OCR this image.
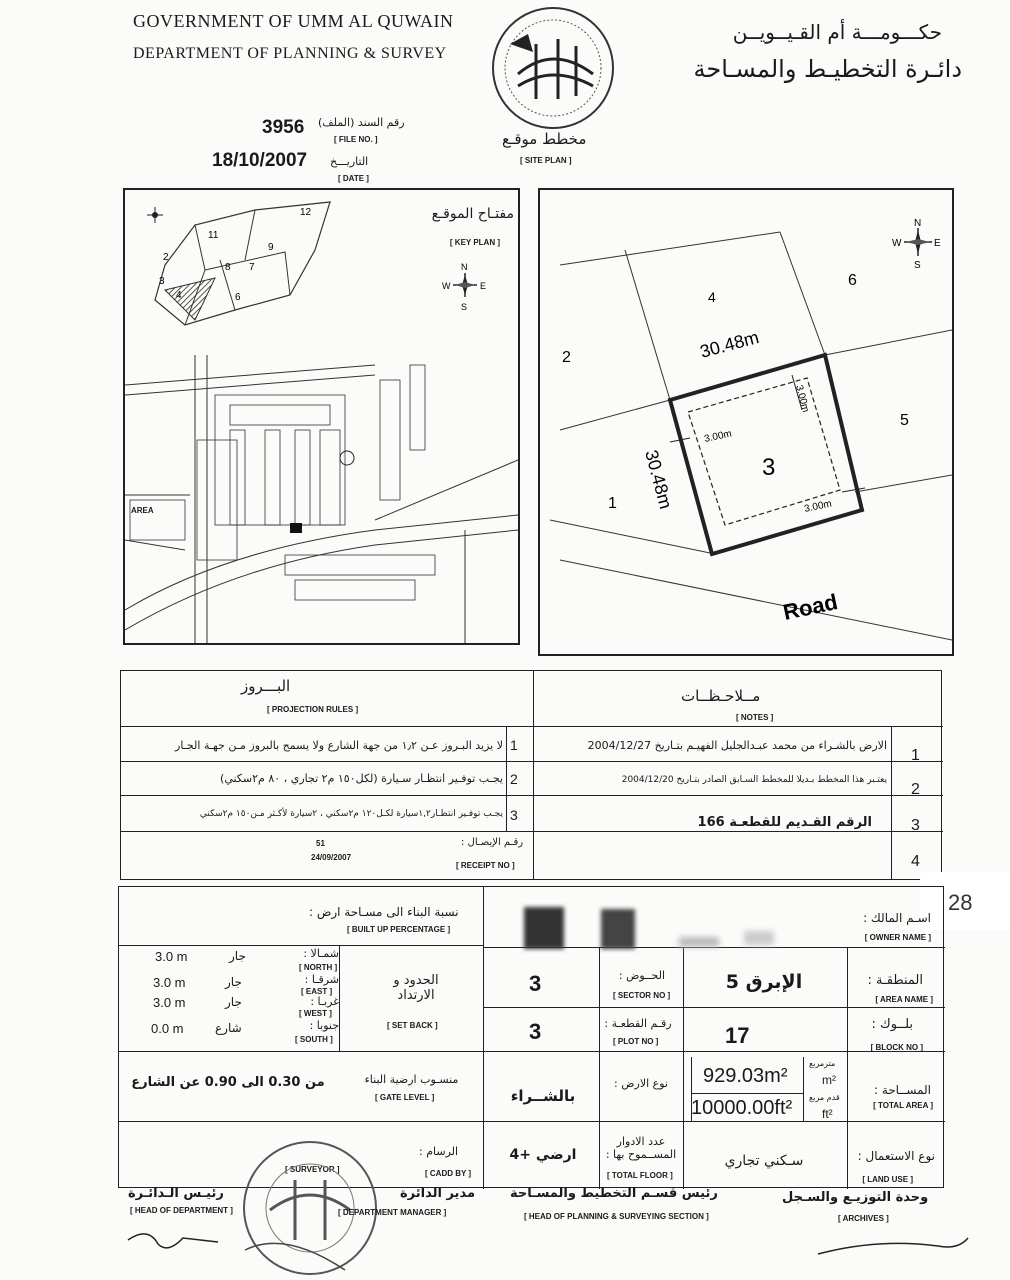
GOVERNMENT OF UMM AL QUWAIN
DEPARTMENT OF PLANNING & SURVEY
حكـــومـــة أم القـيــويــن
دائـرة التخطيـط والمسـاحة
رقم السند (الملف)
[ FILE NO. ]
3956
التاريـــخ
[ DATE ]
18/10/2007
مخطط موقـع
[ SITE PLAN ]
مفتـاح الموقـع
[ KEY PLAN ]
12
11
9
8 7
2
3
4	6
N
S
E
W
AREA
N
S
E
W
4
6
2
5
1
3
30.48m
30.48m
3.00m
3.00m
3.00m
Road
البـــروز
[ PROJECTION RULES ]
مــلاحـظــات
[ NOTES ]
لا يزيد البـروز عـن ١٫٢ من جهة الشارع ولا يسمح بالبروز مـن جهـة الجـار 1
يجـب توفـير انتظـار سـيارة (لكل١٥٠ م٢ تجاري ، ٨٠ م٢سكني) 2
يجـب توفـير انتظـار١,٢سيارة لكـل١٢٠ م٢سكني ، ٢سيارة لأكـثر مـن١٥٠ م٢سكني 3
رقـم الإيصـال :
[ RECEIPT NO ]
51
24/09/2007
الارض بالشـراء من محمد عبـدالجليل الفهيـم بتـاريخ 2004/12/27
1
يعتـبر هذا المخطط بـديلا للمخطط السـابق الصادر بتـاريخ 2004/12/20
2
الرقم القـديم للقطعـة 166 3
4
28
اسـم المالك :
[ OWNER NAME ]
نسبة البناء الى مسـاحة ارض :
[ BUILT UP PERCENTAGE ]
الحدود و الارتداد
[ SET BACK ]
شمـالا :
[ NORTH ]
جار
3.0 m
شرقـا :
[ EAST ]
جار
3.0 m
غربـا :
[ WEST ]
جار
3.0 m
جنوبا :
[ SOUTH ]
شارع
0.0 m
المنطقـة :
[ AREA NAME ]
الإبرق 5
الحــوض :
[ SECTOR NO ]
3
بلــوك :
[ BLOCK NO ]
17
رقـم القطعـة :
[ PLOT NO ]
3
المســاحة :
[ TOTAL AREA ]
مترمربع
m²
قدم مربع
ft²
929.03m²
10000.00ft²
نوع الارض :
بالشــراء
منسـوب ارضية البناء
[ GATE LEVEL ]
من 0.30 الى 0.90 عن الشارع
نوع الاستعمال :
[ LAND USE ]
سـكني تجاري
عدد الادوار المســموح بها :
[ TOTAL FLOOR ]
ارضي +4
الرسام :
[ CADD BY ]
[ SURVEYOR ]
وحدة التوزيـع والسـجل
[ ARCHIVES ]
رئيس قسـم التخطيط والمسـاحة
[ HEAD OF PLANNING & SURVEYING SECTION ]
مدير الدائرة
[ DEPARTMENT MANAGER ]
رئيـس الـدائـرة
[ HEAD OF DEPARTMENT ]
